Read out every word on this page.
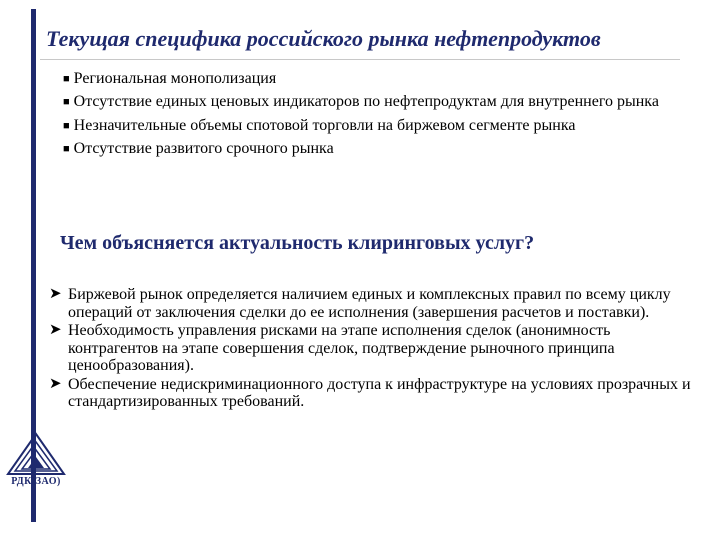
Текущая специфика российского рынка нефтепродуктов

■ Региональная монополизация

■ Отсутствие единых ценовых индикаторов по нефтепродуктам для внутреннего рынка

■ Незначительные объемы спотовой торговли на биржевом сегменте рынка

■ Отсутствие развитого срочного рынка

Чем объясняется актуальность клиринговых услуг?

➤ Биржевой рынок определяется наличием единых и комплексных правил по всему циклу операций от заключения сделки до ее исполнения (завершения расчетов и поставки).

➤ Необходимость управления рисками на этапе исполнения сделок (анонимность контрагентов на этапе совершения сделок, подтверждение рыночного принципа ценообразования).

➤ Обеспечение недискриминационного доступа к инфраструктуре на условиях прозрачных и стандартизированных требований.

РДК(ЗАО)
